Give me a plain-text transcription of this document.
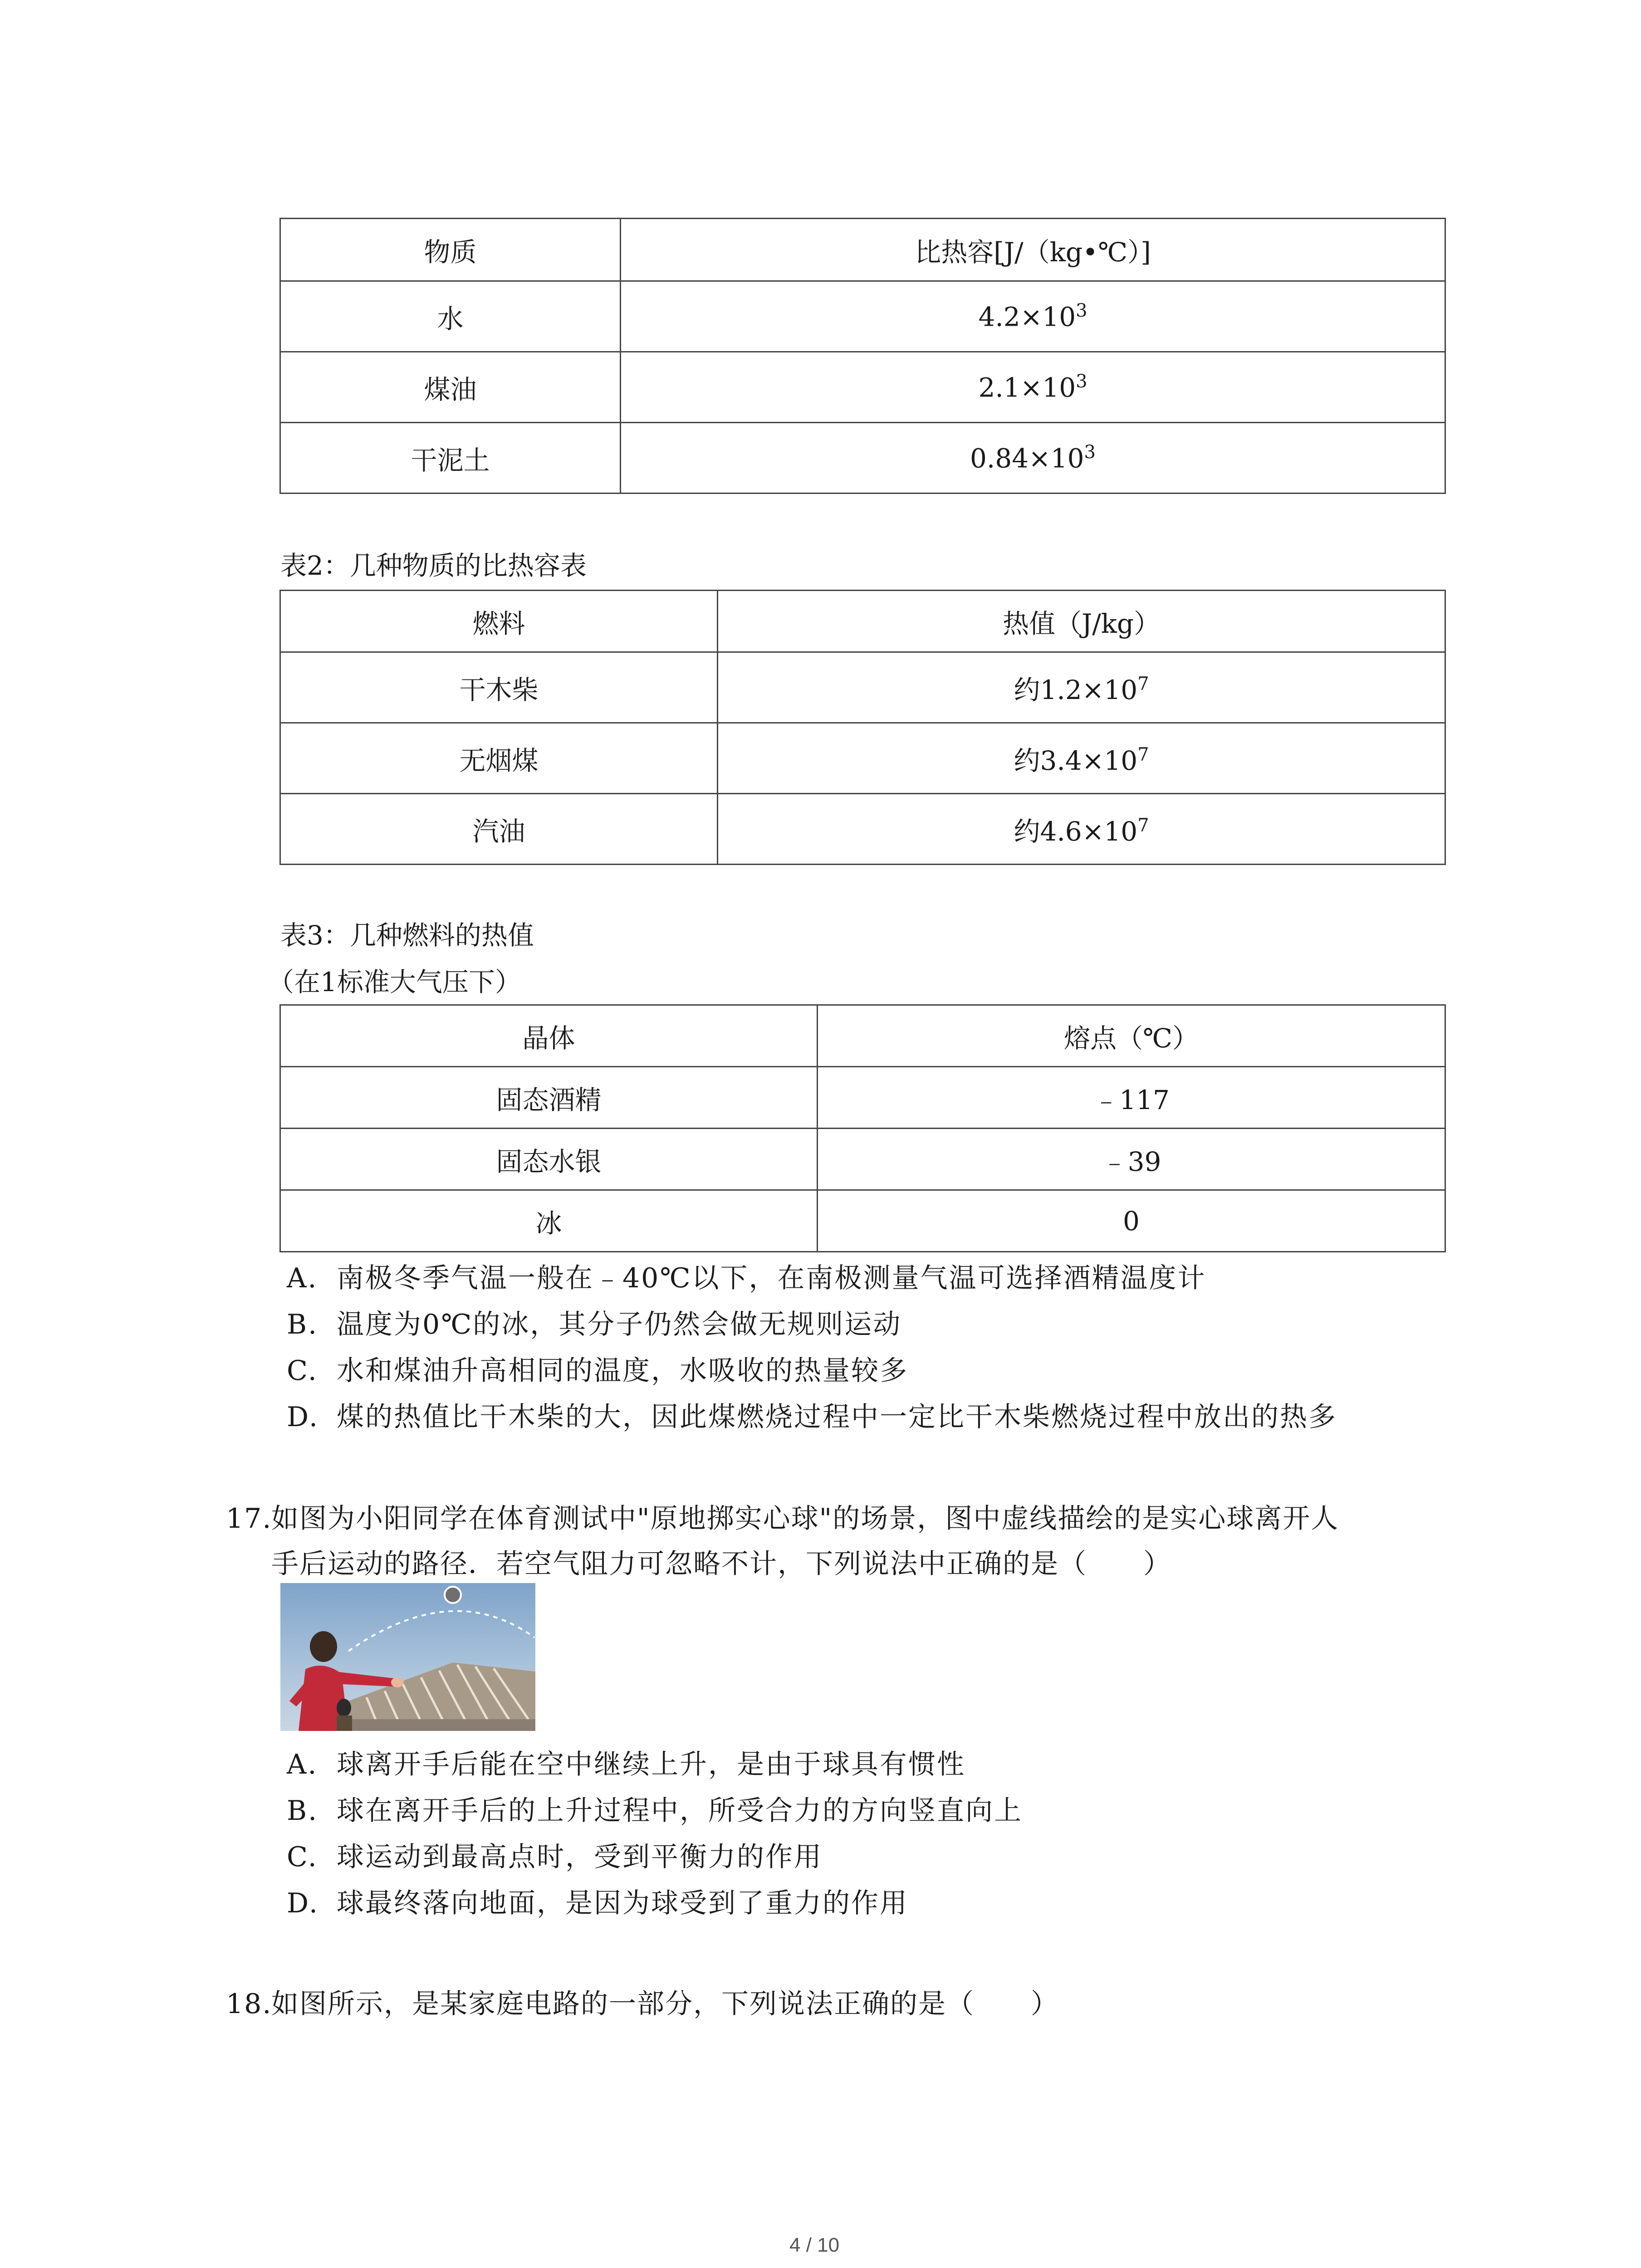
物质	比热容[J/（kg•℃）]
水	$4.2\times 10^3$
煤油	$2.1\times 10^3$
干泥土	$0.84\times 10^3$
表2：几种物质的比热容表
燃料	热值（J/kg）
干木柴	约$1.2\times 10^7$
无烟煤	约$3.4\times 10^7$
汽油	约$4.6\times 10^7$
表3：几种燃料的热值
（在1标准大气压下）
晶体	熔点（℃）
固态酒精	﹣117
固态水银	﹣39
冰	0
A. 南极冬季气温一般在﹣40℃以下，在南极测量气温可选择酒精温度计
B. 温度为0℃的冰，其分子仍然会做无规则运动
C. 水和煤油升高相同的温度，水吸收的热量较多
D. 煤的热值比干木柴的大，因此煤燃烧过程中一定比干木柴燃烧过程中放出的热多
17.如图为小阳同学在体育测试中"原地掷实心球"的场景，图中虚线描绘的是实心球离开人
手后运动的路径．若空气阻力可忽略不计，下列说法中正确的是（　　）
A. 球离开手后能在空中继续上升，是由于球具有惯性
B. 球在离开手后的上升过程中，所受合力的方向竖直向上
C. 球运动到最高点时，受到平衡力的作用
D. 球最终落向地面，是因为球受到了重力的作用
18.如图所示，是某家庭电路的一部分，下列说法正确的是（　　）
4 / 10
